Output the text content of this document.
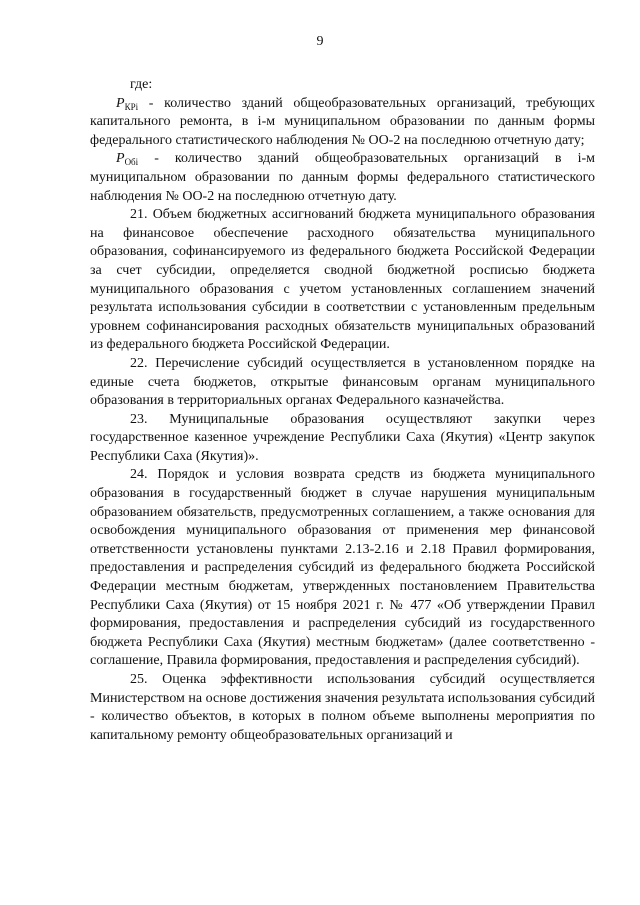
9

где:

$P_{КРi}$ - количество зданий общеобразовательных организаций, требующих капитального ремонта, в i-м муниципальном образовании по данным формы федерального статистического наблюдения № ОО-2 на последнюю отчетную дату;

$P_{Обi}$ - количество зданий общеобразовательных организаций в i-м муниципальном образовании по данным формы федерального статистического наблюдения № ОО-2 на последнюю отчетную дату.

21. Объем бюджетных ассигнований бюджета муниципального образования на финансовое обеспечение расходного обязательства муниципального образования, софинансируемого из федерального бюджета Российской Федерации за счет субсидии, определяется сводной бюджетной росписью бюджета муниципального образования с учетом установленных соглашением значений результата использования субсидии в соответствии с установленным предельным уровнем софинансирования расходных обязательств муниципальных образований из федерального бюджета Российской Федерации.

22. Перечисление субсидий осуществляется в установленном порядке на единые счета бюджетов, открытые финансовым органам муниципального образования в территориальных органах Федерального казначейства.

23. Муниципальные образования осуществляют закупки через государственное казенное учреждение Республики Саха (Якутия) «Центр закупок Республики Саха (Якутия)».

24. Порядок и условия возврата средств из бюджета муниципального образования в государственный бюджет в случае нарушения муниципальным образованием обязательств, предусмотренных соглашением, а также основания для освобождения муниципального образования от применения мер финансовой ответственности установлены пунктами 2.13-2.16 и 2.18 Правил формирования, предоставления и распределения субсидий из федерального бюджета Российской Федерации местным бюджетам, утвержденных постановлением Правительства Республики Саха (Якутия) от 15 ноября 2021 г. № 477 «Об утверждении Правил формирования, предоставления и распределения субсидий из государственного бюджета Республики Саха (Якутия) местным бюджетам» (далее соответственно - соглашение, Правила формирования, предоставления и распределения субсидий).

25. Оценка эффективности использования субсидий осуществляется Министерством на основе достижения значения результата использования субсидий - количество объектов, в которых в полном объеме выполнены мероприятия по капитальному ремонту общеобразовательных организаций и
